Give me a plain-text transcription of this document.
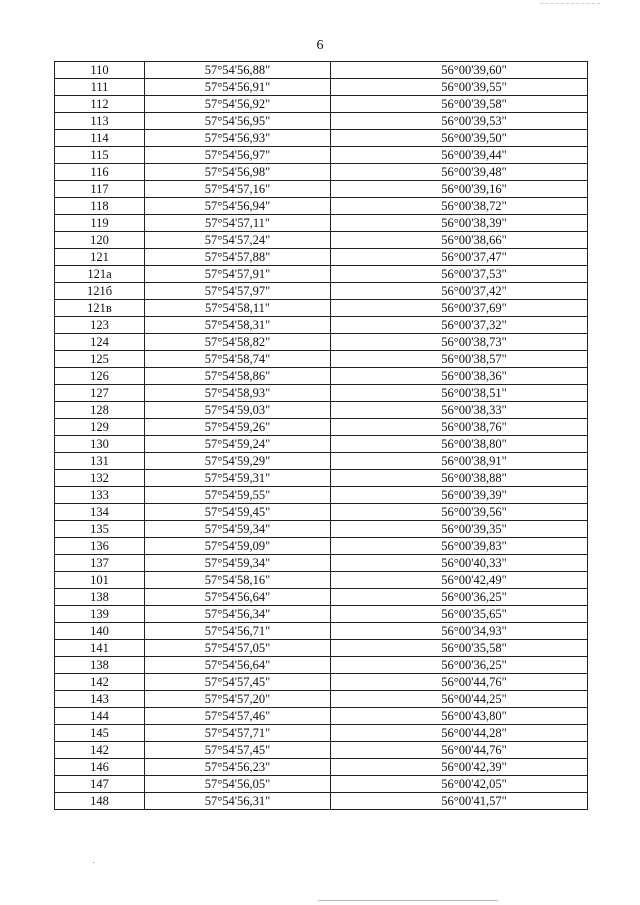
6
110	57°54'56,88"	56°00'39,60"
111	57°54'56,91"	56°00'39,55"
112	57°54'56,92"	56°00'39,58"
113	57°54'56,95"	56°00'39,53"
114	57°54'56,93"	56°00'39,50"
115	57°54'56,97"	56°00'39,44"
116	57°54'56,98"	56°00'39,48"
117	57°54'57,16"	56°00'39,16"
118	57°54'56,94"	56°00'38,72"
119	57°54'57,11"	56°00'38,39"
120	57°54'57,24"	56°00'38,66"
121	57°54'57,88"	56°00'37,47"
121а	57°54'57,91"	56°00'37,53"
121б	57°54'57,97"	56°00'37,42"
121в	57°54'58,11"	56°00'37,69"
123	57°54'58,31"	56°00'37,32"
124	57°54'58,82"	56°00'38,73"
125	57°54'58,74"	56°00'38,57"
126	57°54'58,86"	56°00'38,36"
127	57°54'58,93"	56°00'38,51"
128	57°54'59,03"	56°00'38,33"
129	57°54'59,26"	56°00'38,76"
130	57°54'59,24"	56°00'38,80"
131	57°54'59,29"	56°00'38,91"
132	57°54'59,31"	56°00'38,88"
133	57°54'59,55"	56°00'39,39"
134	57°54'59,45"	56°00'39,56"
135	57°54'59,34"	56°00'39,35"
136	57°54'59,09"	56°00'39,83"
137	57°54'59,34"	56°00'40,33"
101	57°54'58,16"	56°00'42,49"
138	57°54'56,64"	56°00'36,25"
139	57°54'56,34"	56°00'35,65"
140	57°54'56,71"	56°00'34,93"
141	57°54'57,05"	56°00'35,58"
138	57°54'56,64"	56°00'36,25"
142	57°54'57,45"	56°00'44,76"
143	57°54'57,20"	56°00'44,25"
144	57°54'57,46"	56°00'43,80"
145	57°54'57,71"	56°00'44,28"
142	57°54'57,45"	56°00'44,76"
146	57°54'56,23"	56°00'42,39"
147	57°54'56,05"	56°00'42,05"
148	57°54'56,31"	56°00'41,57"
